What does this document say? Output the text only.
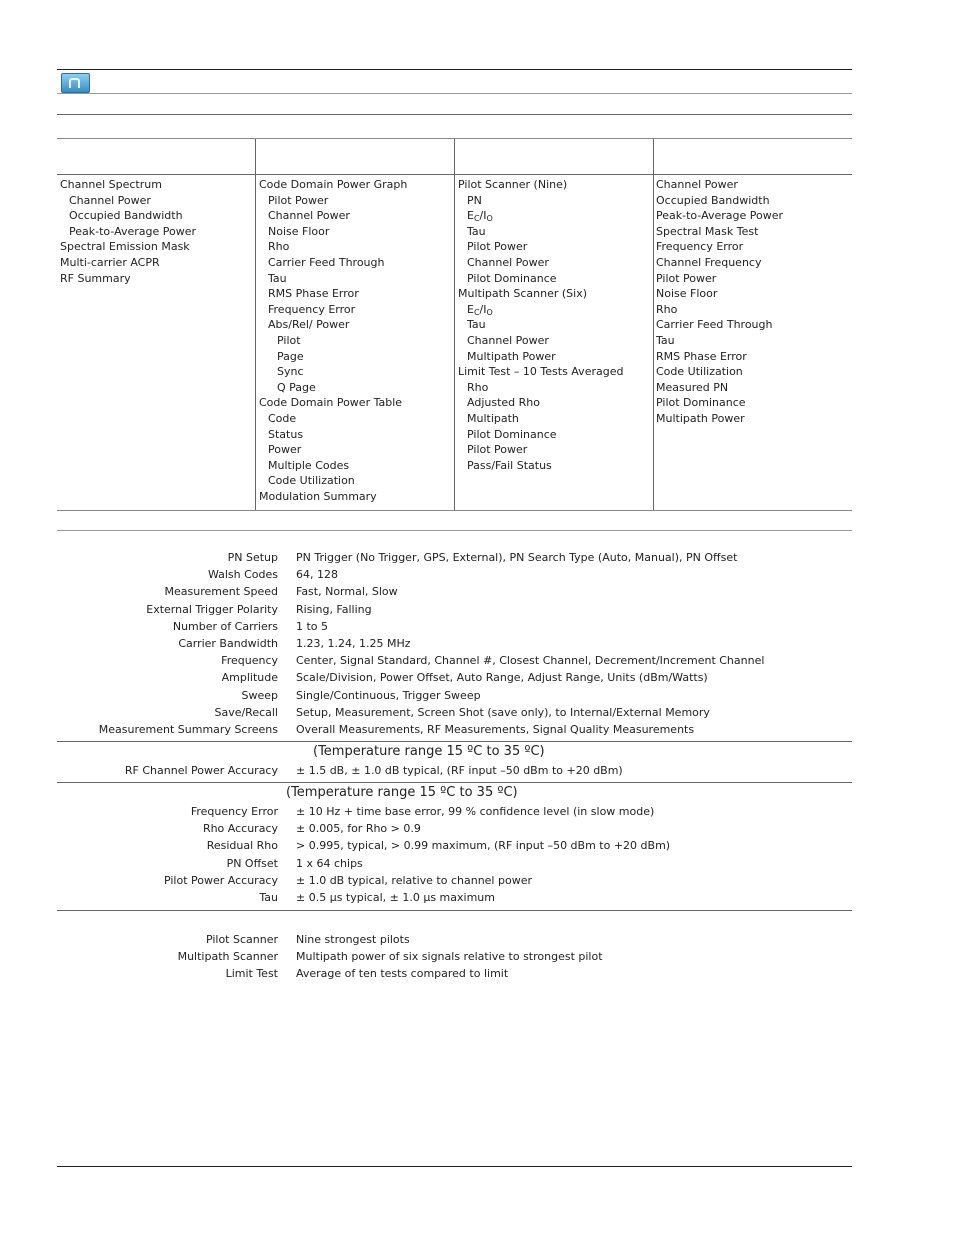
Channel Spectrum
Channel Power
Occupied Bandwidth
Peak-to-Average Power
Spectral Emission Mask
Multi-carrier ACPR
RF Summary
Code Domain Power Graph
Pilot Power
Channel Power
Noise Floor
Rho
Carrier Feed Through
Tau
RMS Phase Error
Frequency Error
Abs/Rel/ Power
Pilot
Page
Sync
Q Page
Code Domain Power Table
Code
Status
Power
Multiple Codes
Code Utilization
Modulation Summary
Pilot Scanner (Nine)
PN
$E_C/I_O$
Tau
Pilot Power
Channel Power
Pilot Dominance
Multipath Scanner (Six)
$E_C/I_O$
Tau
Channel Power
Multipath Power
Limit Test – 10 Tests Averaged
Rho
Adjusted Rho
Multipath
Pilot Dominance
Pilot Power
Pass/Fail Status
Channel Power
Occupied Bandwidth
Peak-to-Average Power
Spectral Mask Test
Frequency Error
Channel Frequency
Pilot Power
Noise Floor
Rho
Carrier Feed Through
Tau
RMS Phase Error
Code Utilization
Measured PN
Pilot Dominance
Multipath Power
PN Setup PN Trigger (No Trigger, GPS, External), PN Search Type (Auto, Manual), PN Offset
Walsh Codes 64, 128
Measurement Speed Fast, Normal, Slow
External Trigger Polarity Rising, Falling
Number of Carriers 1 to 5
Carrier Bandwidth 1.23, 1.24, 1.25 MHz
Frequency Center, Signal Standard, Channel #, Closest Channel, Decrement/Increment Channel
Amplitude Scale/Division, Power Offset, Auto Range, Adjust Range, Units (dBm/Watts)
Sweep Single/Continuous, Trigger Sweep
Save/Recall Setup, Measurement, Screen Shot (save only), to Internal/External Memory
Measurement Summary Screens Overall Measurements, RF Measurements, Signal Quality Measurements
(Temperature range 15 ºC to 35 ºC)
RF Channel Power Accuracy ± 1.5 dB, ± 1.0 dB typical, (RF input –50 dBm to +20 dBm)
(Temperature range 15 ºC to 35 ºC)
Frequency Error ± 10 Hz + time base error, 99 % confidence level (in slow mode)
Rho Accuracy ± 0.005, for Rho > 0.9
Residual Rho > 0.995, typical, > 0.99 maximum, (RF input –50 dBm to +20 dBm)
PN Offset 1 x 64 chips
Pilot Power Accuracy ± 1.0 dB typical, relative to channel power
Tau ± 0.5 µs typical, ± 1.0 µs maximum
Pilot Scanner Nine strongest pilots
Multipath Scanner Multipath power of six signals relative to strongest pilot
Limit Test Average of ten tests compared to limit
